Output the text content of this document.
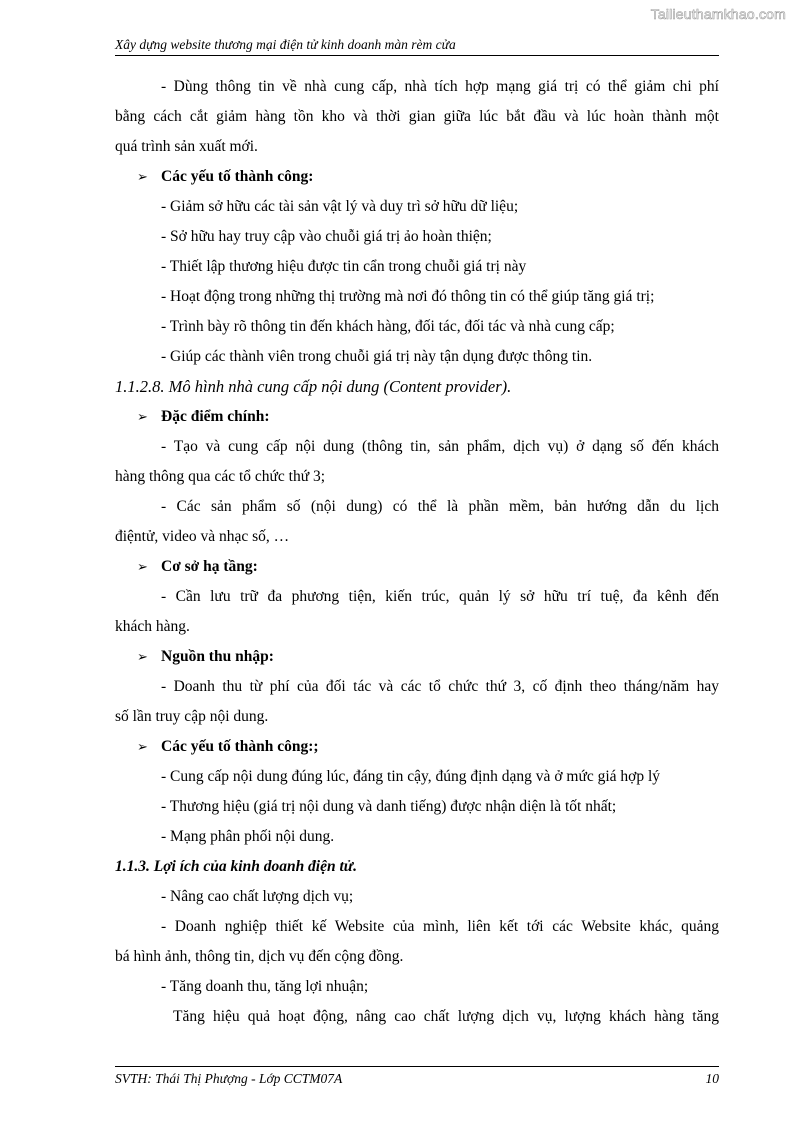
Tailieuthamkhao.com
Xây dựng website thương mại điện tử kinh doanh màn rèm cửa
- Dùng thông tin về nhà cung cấp, nhà tích hợp mạng giá trị có thể giảm chi phí
bằng cách cắt giảm hàng tồn kho và thời gian giữa lúc bắt đầu và lúc hoàn thành một
quá trình sản xuất mới.
➢ Các yếu tố thành công:
- Giảm sở hữu các tài sản vật lý và duy trì sở hữu dữ liệu;
- Sở hữu hay truy cập vào chuỗi giá trị ảo hoàn thiện;
- Thiết lập thương hiệu được tin cẩn trong chuỗi giá trị này
- Hoạt động trong những thị trường mà nơi đó thông tin có thể giúp tăng giá trị;
- Trình bày rõ thông tin đến khách hàng, đối tác, đối tác và nhà cung cấp;
- Giúp các thành viên trong chuỗi giá trị này tận dụng được thông tin.
1.1.2.8. Mô hình nhà cung cấp nội dung (Content provider).
➢ Đặc điểm chính:
- Tạo và cung cấp nội dung (thông tin, sản phẩm, dịch vụ) ở dạng số đến khách
hàng thông qua các tổ chức thứ 3;
- Các sản phẩm số (nội dung) có thể là phần mềm, bản hướng dẫn du lịch
điệntử, video và nhạc số, …
➢ Cơ sở hạ tầng:
- Cần lưu trữ đa phương tiện, kiến trúc, quản lý sở hữu trí tuệ, đa kênh đến
khách hàng.
➢ Nguồn thu nhập:
- Doanh thu từ phí của đối tác và các tổ chức thứ 3, cố định theo tháng/năm hay
số lần truy cập nội dung.
➢ Các yếu tố thành công:;
- Cung cấp nội dung đúng lúc, đáng tin cậy, đúng định dạng và ở mức giá hợp lý
- Thương hiệu (giá trị nội dung và danh tiếng) được nhận diện là tốt nhất;
- Mạng phân phối nội dung.
1.1.3. Lợi ích của kinh doanh điện tử.
- Nâng cao chất lượng dịch vụ;
- Doanh nghiệp thiết kế Website của mình, liên kết tới các Website khác, quảng
bá hình ảnh, thông tin, dịch vụ đến cộng đồng.
- Tăng doanh thu, tăng lợi nhuận;
Tăng hiệu quả hoạt động, nâng cao chất lượng dịch vụ, lượng khách hàng tăng
SVTH: Thái Thị Phượng - Lớp CCTM07A	10
